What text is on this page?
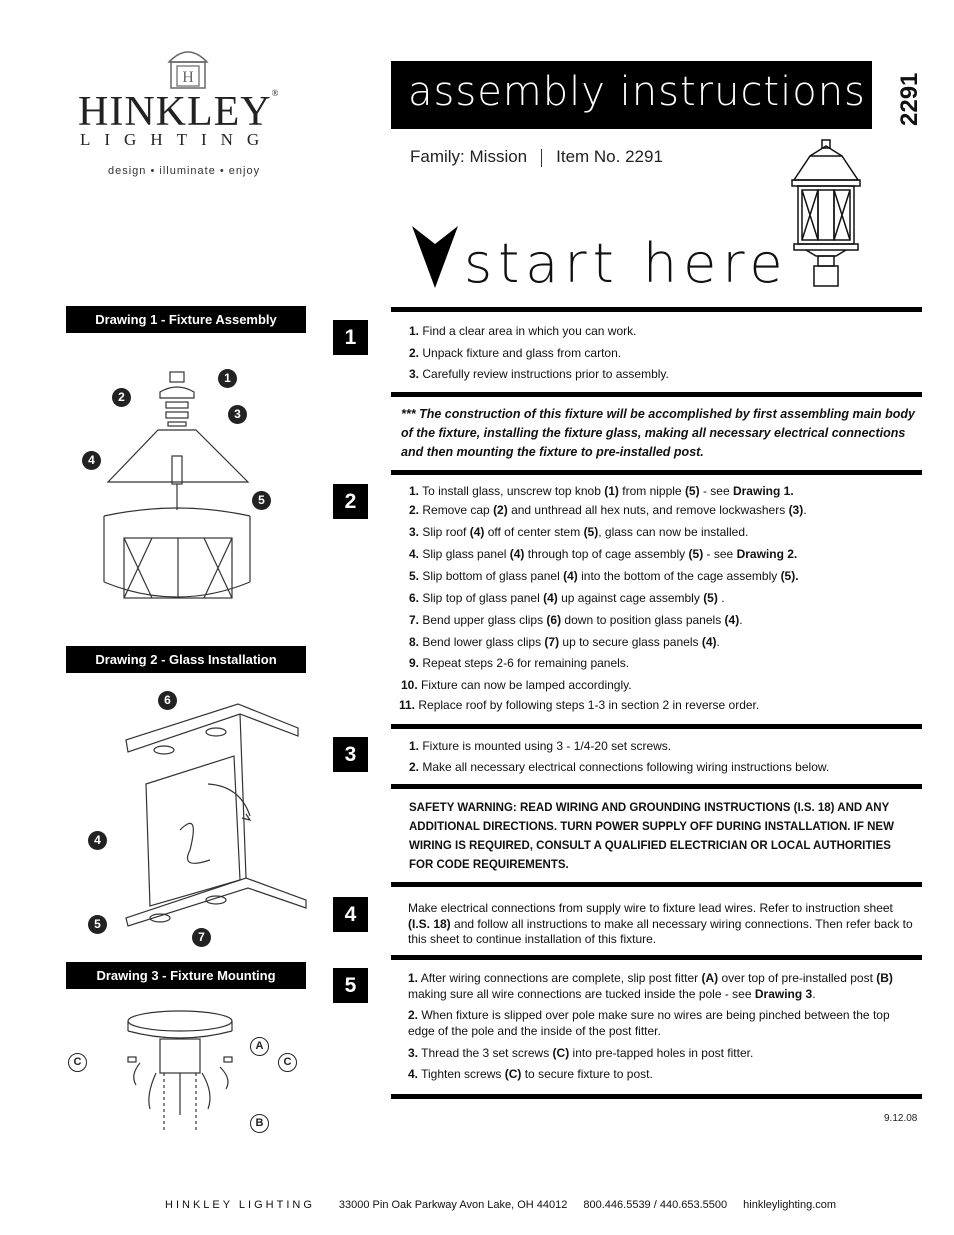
H
HINKLEY®
LIGHTING
design • illuminate • enjoy
assembly instructions 2291
Family: Mission Item No. 2291
start here
Drawing 1 - Fixture Assembly
Drawing 2 - Glass Installation
Drawing 3 - Fixture Mounting
1
2
3
4
5
6
4
5
7
A
C	C
B
1
2
3
4
5
1. Find a clear area in which you can work.
2. Unpack fixture and glass from carton.
3. Carefully review instructions prior to assembly.
*** The construction of this fixture will be accomplished by first assembling main body of the fixture, installing the fixture glass, making all necessary electrical connections and then mounting the fixture to pre-installed post.
1. To install glass, unscrew top knob (1) from nipple (5) - see Drawing 1.
2. Remove cap (2) and unthread all hex nuts, and remove lockwashers (3).
3. Slip roof (4) off of center stem (5), glass can now be installed.
4. Slip glass panel (4) through top of cage assembly (5) - see Drawing 2.
5. Slip bottom of glass panel (4) into the bottom of the cage assembly (5).
6. Slip top of glass panel (4) up against cage assembly (5) .
7. Bend upper glass clips (6) down to position glass panels (4).
8. Bend lower glass clips (7) up to secure glass panels (4).
9. Repeat steps 2-6 for remaining panels.
10. Fixture can now be lamped accordingly.
11. Replace roof by following steps 1-3 in section 2 in reverse order.
1. Fixture is mounted using 3 - 1/4-20 set screws.
2. Make all necessary electrical connections following wiring instructions below.
SAFETY WARNING: READ WIRING AND GROUNDING INSTRUCTIONS (I.S. 18) AND ANY ADDITIONAL DIRECTIONS. TURN POWER SUPPLY OFF DURING INSTALLATION. IF NEW WIRING IS REQUIRED, CONSULT A QUALIFIED ELECTRICIAN OR LOCAL AUTHORITIES FOR CODE REQUIREMENTS.
Make electrical connections from supply wire to fixture lead wires. Refer to instruction sheet (I.S. 18) and follow all instructions to make all necessary wiring connections. Then refer back to this sheet to continue installation of this fixture.
1. After wiring connections are complete, slip post fitter (A) over top of pre-installed post (B) making sure all wire connections are tucked inside the pole - see Drawing 3.
2. When fixture is slipped over pole make sure no wires are being pinched between the top edge of the pole and the inside of the post fitter.
3. Thread the 3 set screws (C) into pre-tapped holes in post fitter.
4. Tighten screws (C) to secure fixture to post.
9.12.08
HINKLEY LIGHTING 33000 Pin Oak Parkway Avon Lake, OH 44012 800.446.5539 / 440.653.5500 hinkleylighting.com
